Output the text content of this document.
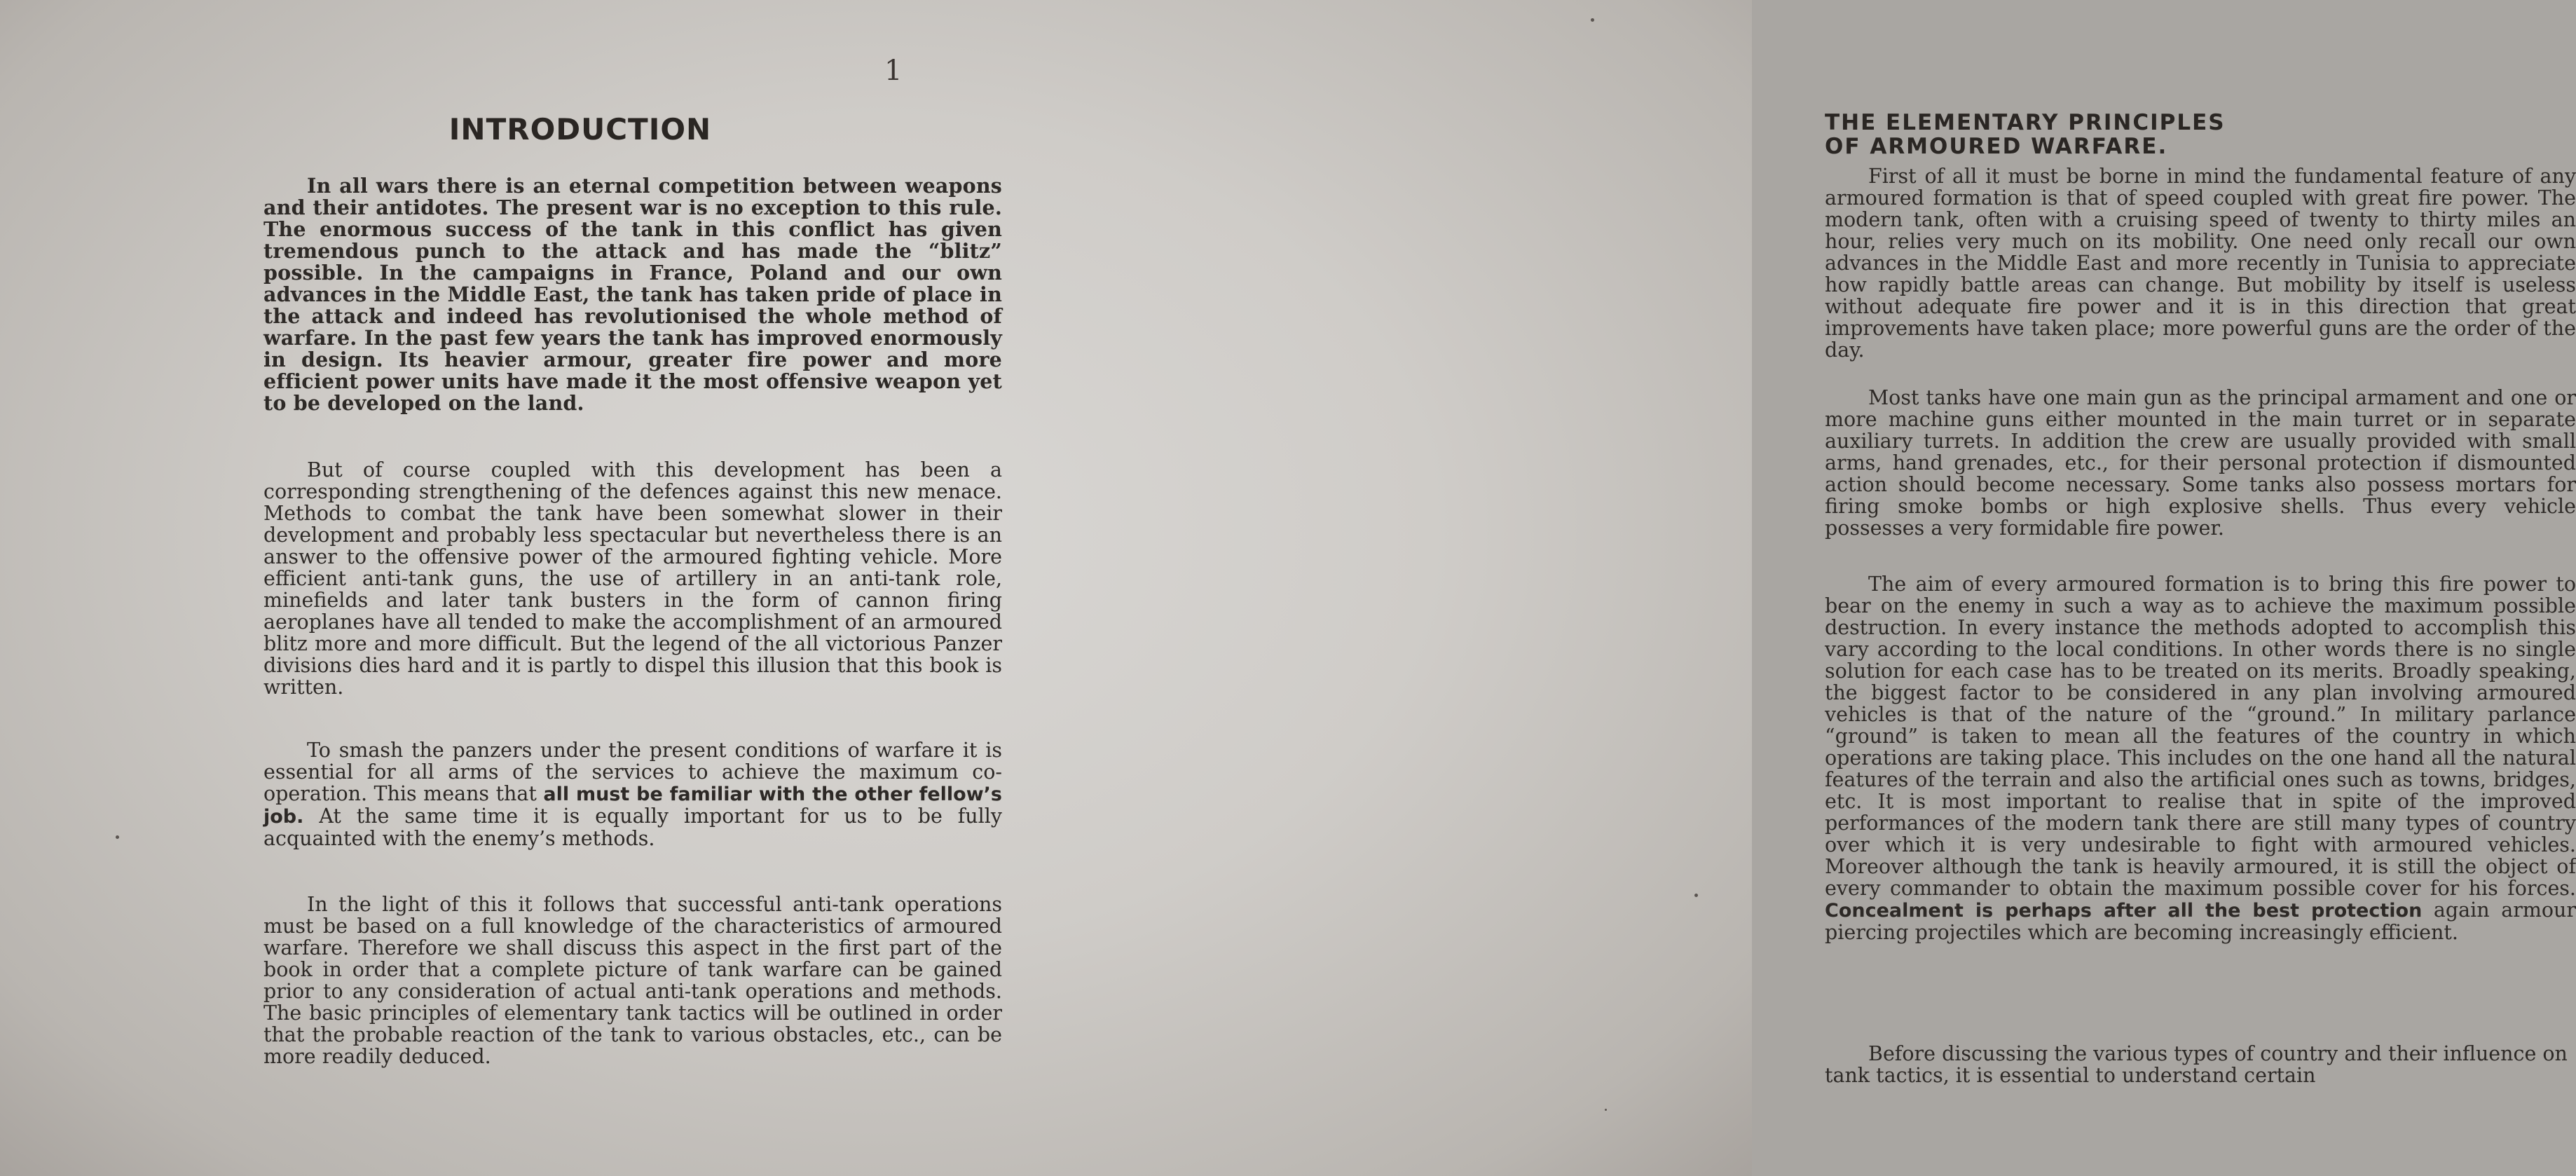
1
INTRODUCTION

In all wars there is an eternal competition between weapons and their antidotes. The present war is no exception to this rule. The enormous success of the tank in this conflict has given tremendous punch to the attack and has made the “blitz” possible. In the campaigns in France, Poland and our own advances in the Middle East, the tank has taken pride of place in the attack and indeed has revolutionised the whole method of warfare. In the past few years the tank has improved enormously in design. Its heavier armour, greater fire power and more efficient power units have made it the most offensive weapon yet to be developed on the land.

But of course coupled with this development has been a corresponding strengthening of the defences against this new menace. Methods to combat the tank have been somewhat slower in their development and probably less spectacular but nevertheless there is an answer to the offensive power of the armoured fighting vehicle. More efficient anti-tank guns, the use of artillery in an anti-tank role, minefields and later tank busters in the form of cannon firing aeroplanes have all tended to make the accomplishment of an armoured blitz more and more difficult. But the legend of the all victorious Panzer divisions dies hard and it is partly to dispel this illusion that this book is written.

To smash the panzers under the present conditions of warfare it is essential for all arms of the services to achieve the maximum co-operation. This means that all must be familiar with the other fellow’s job. At the same time it is equally important for us to be fully acquainted with the enemy’s methods.

In the light of this it follows that successful anti-tank operations must be based on a full knowledge of the characteristics of armoured warfare. Therefore we shall discuss this aspect in the first part of the book in order that a complete picture of tank warfare can be gained prior to any consideration of actual anti-tank operations and methods. The basic principles of elementary tank tactics will be outlined in order that the probable reaction of the tank to various obstacles, etc., can be more readily deduced.

THE ELEMENTARY PRINCIPLES
OF ARMOURED WARFARE.

First of all it must be borne in mind the fundamental feature of any armoured formation is that of speed coupled with great fire power. The modern tank, often with a cruising speed of twenty to thirty miles an hour, relies very much on its mobility. One need only recall our own advances in the Middle East and more recently in Tunisia to appreciate how rapidly battle areas can change. But mobility by itself is useless without adequate fire power and it is in this direction that great improvements have taken place; more powerful guns are the order of the day.

Most tanks have one main gun as the principal armament and one or more machine guns either mounted in the main turret or in separate auxiliary turrets. In addition the crew are usually provided with small arms, hand grenades, etc., for their personal protection if dismounted action should become necessary. Some tanks also possess mortars for firing smoke bombs or high explosive shells. Thus every vehicle possesses a very formidable fire power.

The aim of every armoured formation is to bring this fire power to bear on the enemy in such a way as to achieve the maximum possible destruction. In every instance the methods adopted to accomplish this vary according to the local conditions. In other words there is no single solution for each case has to be treated on its merits. Broadly speaking, the biggest factor to be considered in any plan involving armoured vehicles is that of the nature of the “ground.” In military parlance “ground” is taken to mean all the features of the country in which operations are taking place. This includes on the one hand all the natural features of the terrain and also the artificial ones such as towns, bridges, etc. It is most important to realise that in spite of the improved performances of the modern tank there are still many types of country over which it is very undesirable to fight with armoured vehicles. Moreover although the tank is heavily armoured, it is still the object of every commander to obtain the maximum possible cover for his forces. Concealment is perhaps after all the best protection again armour piercing projectiles which are becoming increasingly efficient.

Before discussing the various types of country and their influence on tank tactics, it is essential to understand certain
